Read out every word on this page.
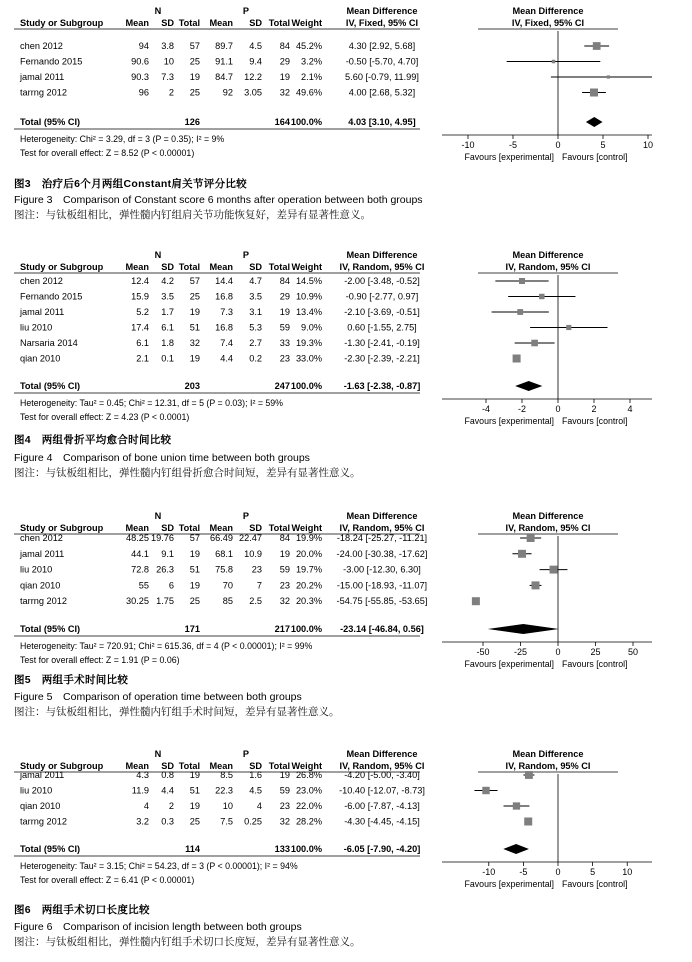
N	P	Mean Difference	Mean Difference
Study or Subgroup Mean SD Total Mean SD Total Weight	IV, Fixed, 95% CI	IV, Fixed, 95% CI
chen 2012	94 3.8 57 89.7 4.5 84 45.2%	4.30 [2.92, 5.68]
Fernando 2015	90.6 10 25 91.1 9.4 29 3.2%	-0.50 [-5.70, 4.70]
jamal 2011	90.3 7.3 19 84.7 12.2 19 2.1%	5.60 [-0.79, 11.99]
tarrng 2012	96 2 25 92 3.05 32 49.6%	4.00 [2.68, 5.32]
Total (95% CI)	126	164 100.0%	4.03 [3.10, 4.95]
Heterogeneity: Chi² = 3.29, df = 3 (P = 0.35); I² = 9%
Test for overall effect: Z = 8.52 (P < 0.00001)
-10	-5	0	5	10
Favours [experimental] Favours [control]
图3　治疗后6个月两组Constant肩关节评分比较
Figure 3　Comparison of Constant score 6 months after operation between both groups
图注：与钛板组相比，弹性髓内钉组肩关节功能恢复好，差异有显著性意义。
N	P	Mean Difference	Mean Difference
Study or Subgroup Mean SD Total Mean SD Total Weight IV, Random, 95% CI	IV, Random, 95% CI
chen 2012	12.4 4.2 57 14.4 4.7 84 14.5% -2.00 [-3.48, -0.52]
Fernando 2015	15.9 3.5 25 16.8 3.5 29 10.9%	-0.90 [-2.77, 0.97]
jamal 2011	5.2 1.7 19 7.3 3.1 19 13.4% -2.10 [-3.69, -0.51]
liu 2010	17.4 6.1 51 16.8 5.3 59 9.0%	0.60 [-1.55, 2.75]
Narsaria 2014	6.1 1.8 32 7.4 2.7 33 19.3% -1.30 [-2.41, -0.19]
qian 2010	2.1 0.1 19 4.4 0.2 23 33.0% -2.30 [-2.39, -2.21]
Total (95% CI)	203	247 100.0% -1.63 [-2.38, -0.87]
Heterogeneity: Tau² = 0.45; Chi² = 12.31, df = 5 (P = 0.03); I² = 59%
Test for overall effect: Z = 4.23 (P < 0.0001)
-4	-2	0	2	4
Favours [experimental] Favours [control]
图4　两组骨折平均愈合时间比较
Figure 4　Comparison of bone union time between both groups
图注：与钛板组相比，弹性髓内钉组骨折愈合时间短，差异有显著性意义。
N	P	Mean Difference	Mean Difference
Study or Subgroup Mean SD Total Mean SD Total Weight IV, Random, 95% CI	IV, Random, 95% CI
chen 2012	48.25 19.76 57 66.49 22.47 84 19.9% -18.24 [-25.27, -11.21]
jamal 2011	44.1 9.1 19 68.1 10.9 19 20.0% -24.00 [-30.38, -17.62]
liu 2010	72.8 26.3 51 75.8 23 59 19.7% -3.00 [-12.30, 6.30]
qian 2010	55 6 19 70	7 23 20.2% -15.00 [-18.93, -11.07]
tarrng 2012	30.25 1.75 25 85 2.5 32 20.3% -54.75 [-55.85, -53.65]
Total (95% CI)	171	217 100.0% -23.14 [-46.84, 0.56]
Heterogeneity: Tau² = 720.91; Chi² = 615.36, df = 4 (P < 0.00001); I² = 99%
Test for overall effect: Z = 1.91 (P = 0.06)
-50	-25	0	25	50
Favours [experimental] Favours [control]
图5　两组手术时间比较
Figure 5　Comparison of operation time between both groups
图注：与钛板组相比，弹性髓内钉组手术时间短，差异有显著性意义。
N	P	Mean Difference	Mean Difference
Study or Subgroup Mean SD Total Mean SD Total Weight IV, Random, 95% CI	IV, Random, 95% CI
jamal 2011	4.3 0.8 19 8.5 1.6 19 26.8% -4.20 [-5.00, -3.40]
liu 2010	11.9 4.4 51 22.3 4.5 59 23.0% -10.40 [-12.07, -8.73]
qian 2010	4 2 19 10	4 23 22.0% -6.00 [-7.87, -4.13]
tarrng 2012	3.2 0.3 25 7.5 0.25 32 28.2% -4.30 [-4.45, -4.15]
Total (95% CI)	114	133 100.0% -6.05 [-7.90, -4.20]
Heterogeneity: Tau² = 3.15; Chi² = 54.23, df = 3 (P < 0.00001); I² = 94%
Test for overall effect: Z = 6.41 (P < 0.00001)
-10	-5	0	5	10
Favours [experimental] Favours [control]
图6　两组手术切口长度比较
Figure 6　Comparison of incision length between both groups
图注：与钛板组相比，弹性髓内钉组手术切口长度短，差异有显著性意义。
